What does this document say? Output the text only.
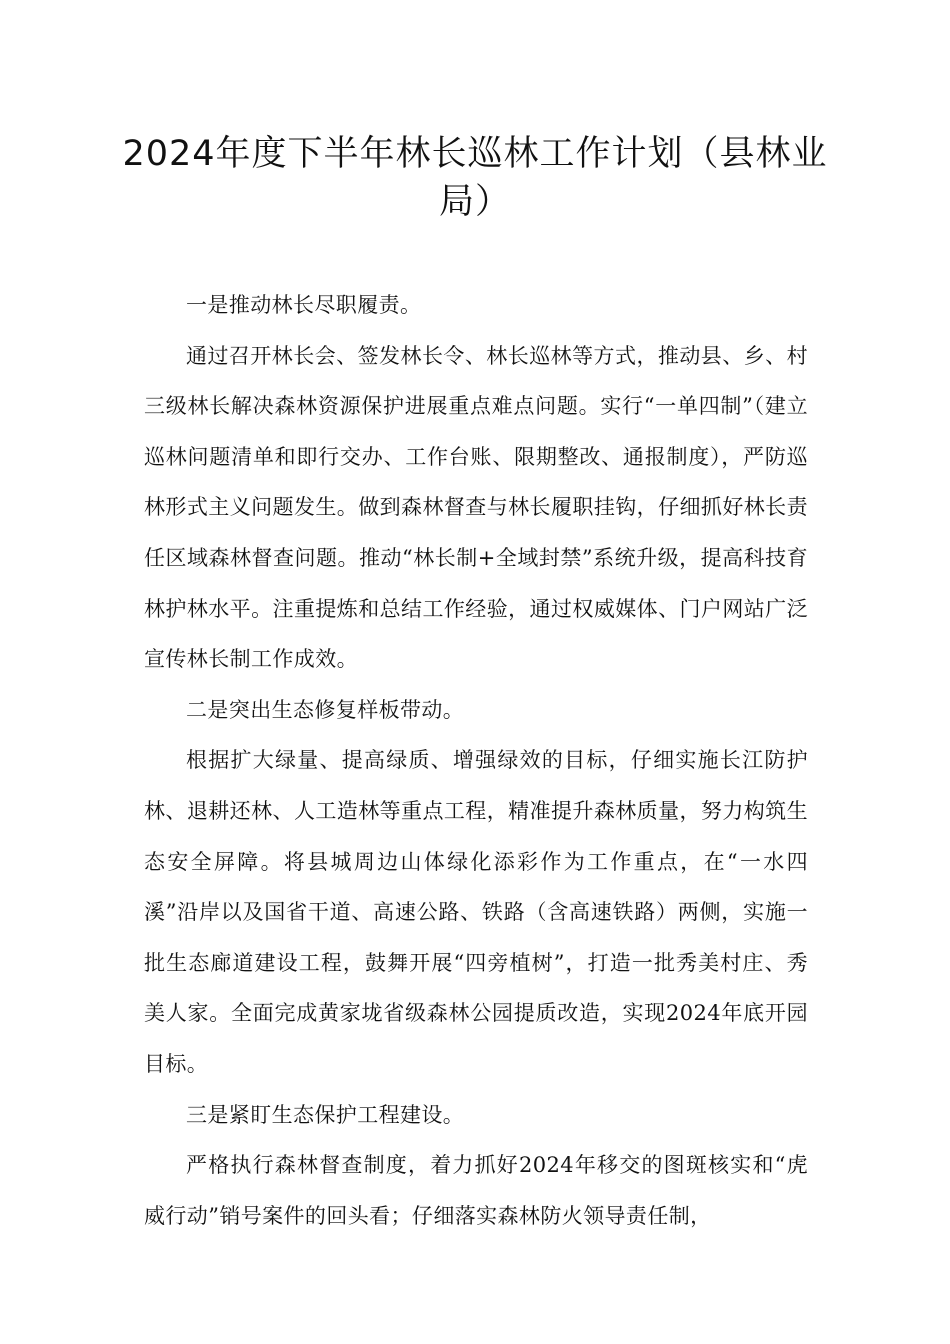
2024年度下半年林长巡林工作计划（县林业局）

一是推动林长尽职履责。

通过召开林长会、签发林长令、林长巡林等方式，推动县、乡、村三级林长解决森林资源保护进展重点难点问题。实行“一单四制”（建立巡林问题清单和即行交办、工作台账、限期整改、通报制度），严防巡林形式主义问题发生。做到森林督查与林长履职挂钩，仔细抓好林长责任区域森林督查问题。推动“林长制+全域封禁”系统升级，提高科技育林护林水平。注重提炼和总结工作经验，通过权威媒体、门户网站广泛宣传林长制工作成效。

二是突出生态修复样板带动。

根据扩大绿量、提高绿质、增强绿效的目标，仔细实施长江防护林、退耕还林、人工造林等重点工程，精准提升森林质量，努力构筑生态安全屏障。将县城周边山体绿化添彩作为工作重点，在“一水四溪”沿岸以及国省干道、高速公路、铁路（含高速铁路）两侧，实施一批生态廊道建设工程，鼓舞开展“四旁植树”，打造一批秀美村庄、秀美人家。全面完成黄家垅省级森林公园提质改造，实现2024年底开园目标。

三是紧盯生态保护工程建设。

严格执行森林督查制度，着力抓好2024年移交的图斑核实和“虎威行动”销号案件的回头看；仔细落实森林防火领导责任制，
